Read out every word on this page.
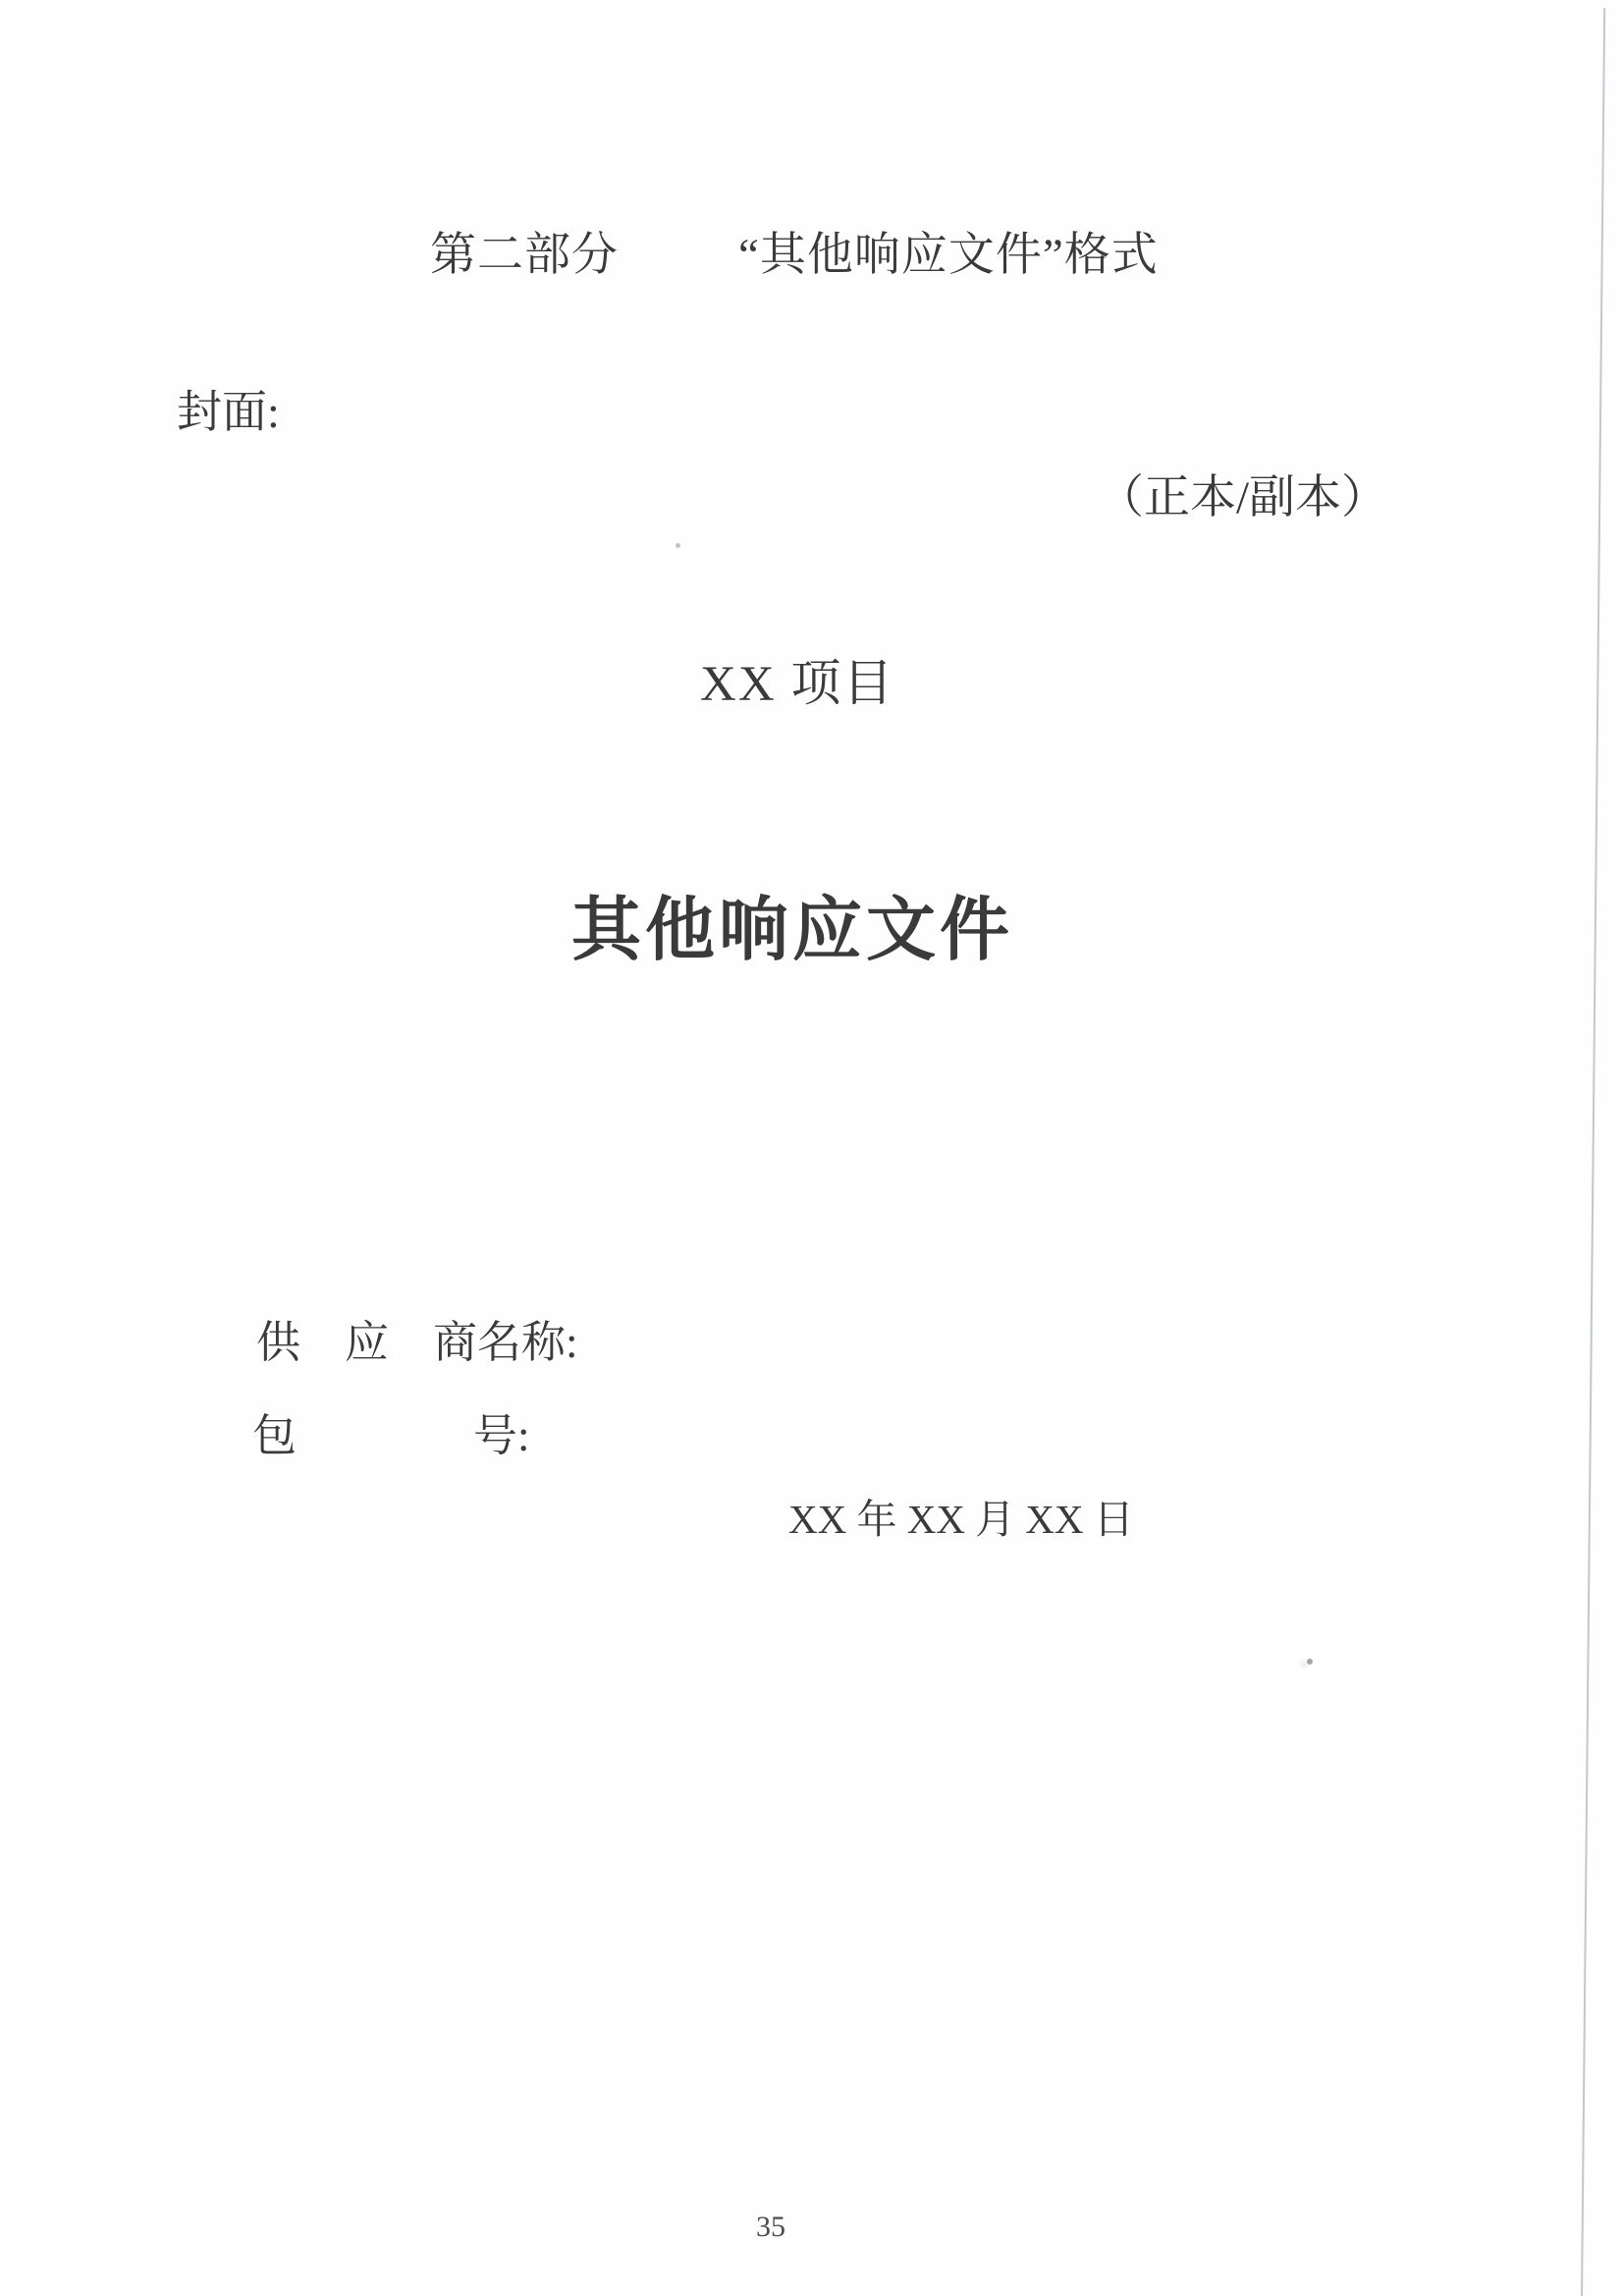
第二部分	“其他响应文件”格式
封面:
（正本/副本）
XX 项目
其他响应文件
供　应　商名称:
包　　　　号:
XX 年 XX 月 XX 日
35
